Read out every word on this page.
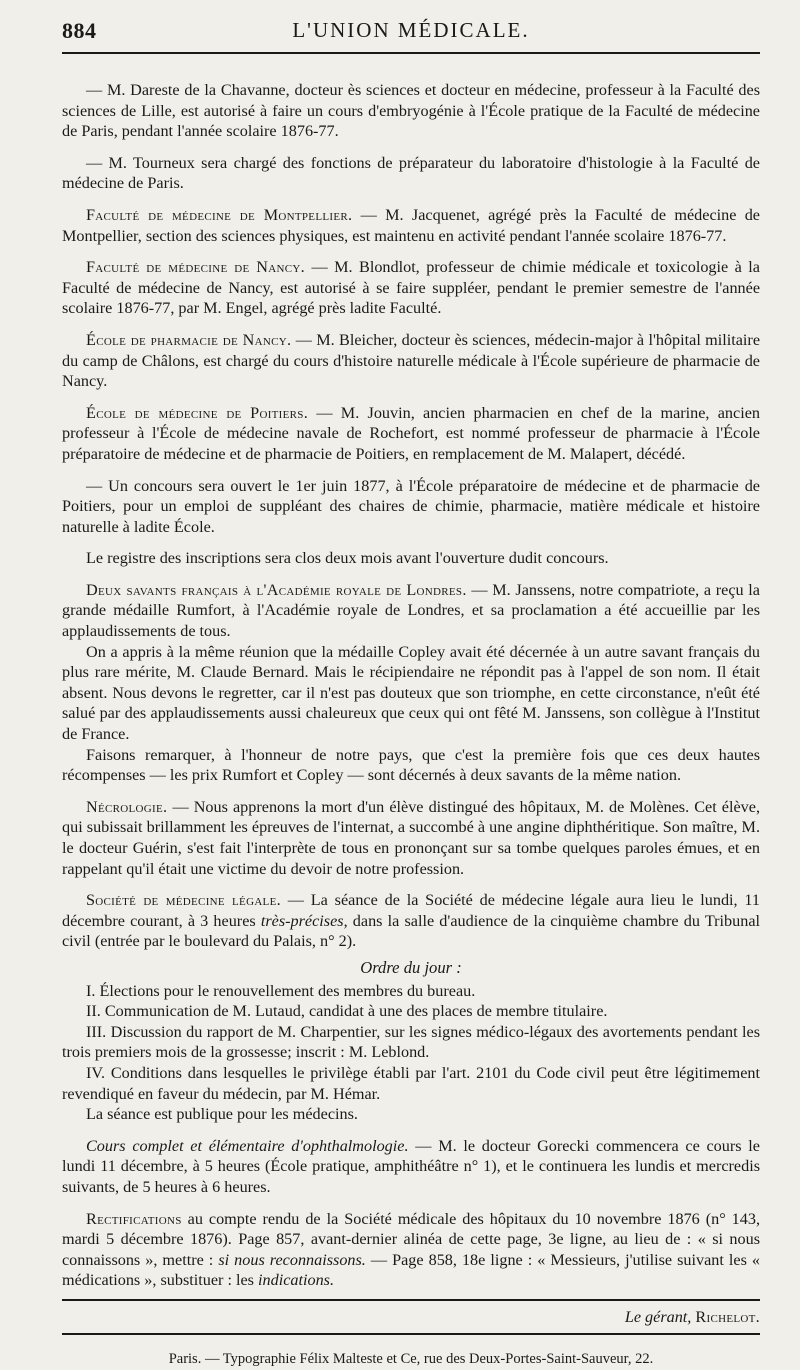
884	L'UNION MÉDICALE.

— M. Dareste de la Chavanne, docteur ès sciences et docteur en médecine, professeur à la Faculté des sciences de Lille, est autorisé à faire un cours d'embryogénie à l'École pratique de la Faculté de médecine de Paris, pendant l'année scolaire 1876-77.

— M. Tourneux sera chargé des fonctions de préparateur du laboratoire d'histologie à la Faculté de médecine de Paris.

Faculté de médecine de Montpellier. — M. Jacquenet, agrégé près la Faculté de médecine de Montpellier, section des sciences physiques, est maintenu en activité pendant l'année scolaire 1876-77.

Faculté de médecine de Nancy. — M. Blondlot, professeur de chimie médicale et toxicologie à la Faculté de médecine de Nancy, est autorisé à se faire suppléer, pendant le premier semestre de l'année scolaire 1876-77, par M. Engel, agrégé près ladite Faculté.

École de pharmacie de Nancy. — M. Bleicher, docteur ès sciences, médecin-major à l'hôpital militaire du camp de Châlons, est chargé du cours d'histoire naturelle médicale à l'École supérieure de pharmacie de Nancy.

École de médecine de Poitiers. — M. Jouvin, ancien pharmacien en chef de la marine, ancien professeur à l'École de médecine navale de Rochefort, est nommé professeur de pharmacie à l'École préparatoire de médecine et de pharmacie de Poitiers, en remplacement de M. Malapert, décédé.

— Un concours sera ouvert le 1er juin 1877, à l'École préparatoire de médecine et de pharmacie de Poitiers, pour un emploi de suppléant des chaires de chimie, pharmacie, matière médicale et histoire naturelle à ladite École.

Le registre des inscriptions sera clos deux mois avant l'ouverture dudit concours.

Deux savants français à l'Académie royale de Londres. — M. Janssens, notre compatriote, a reçu la grande médaille Rumfort, à l'Académie royale de Londres, et sa proclamation a été accueillie par les applaudissements de tous.

On a appris à la même réunion que la médaille Copley avait été décernée à un autre savant français du plus rare mérite, M. Claude Bernard. Mais le récipiendaire ne répondit pas à l'appel de son nom. Il était absent. Nous devons le regretter, car il n'est pas douteux que son triomphe, en cette circonstance, n'eût été salué par des applaudissements aussi chaleureux que ceux qui ont fêté M. Janssens, son collègue à l'Institut de France.

Faisons remarquer, à l'honneur de notre pays, que c'est la première fois que ces deux hautes récompenses — les prix Rumfort et Copley — sont décernés à deux savants de la même nation.

Nécrologie. — Nous apprenons la mort d'un élève distingué des hôpitaux, M. de Molènes. Cet élève, qui subissait brillamment les épreuves de l'internat, a succombé à une angine diphthéritique. Son maître, M. le docteur Guérin, s'est fait l'interprète de tous en prononçant sur sa tombe quelques paroles émues, et en rappelant qu'il était une victime du devoir de notre profession.

Société de médecine légale. — La séance de la Société de médecine légale aura lieu le lundi, 11 décembre courant, à 3 heures très-précises, dans la salle d'audience de la cinquième chambre du Tribunal civil (entrée par le boulevard du Palais, n° 2).

Ordre du jour :

I. Élections pour le renouvellement des membres du bureau.

II. Communication de M. Lutaud, candidat à une des places de membre titulaire.

III. Discussion du rapport de M. Charpentier, sur les signes médico-légaux des avortements pendant les trois premiers mois de la grossesse; inscrit : M. Leblond.

IV. Conditions dans lesquelles le privilège établi par l'art. 2101 du Code civil peut être légitimement revendiqué en faveur du médecin, par M. Hémar.

La séance est publique pour les médecins.

Cours complet et élémentaire d'ophthalmologie. — M. le docteur Gorecki commencera ce cours le lundi 11 décembre, à 5 heures (École pratique, amphithéâtre n° 1), et le continuera les lundis et mercredis suivants, de 5 heures à 6 heures.

Rectifications au compte rendu de la Société médicale des hôpitaux du 10 novembre 1876 (n° 143, mardi 5 décembre 1876). Page 857, avant-dernier alinéa de cette page, 3e ligne, au lieu de : « si nous connaissons », mettre : si nous reconnaissons. — Page 858, 18e ligne : « Messieurs, j'utilise suivant les « médications », substituer : les indications.

Le gérant, Richelot.
Paris. — Typographie Félix Malteste et Ce, rue des Deux-Portes-Saint-Sauveur, 22.
